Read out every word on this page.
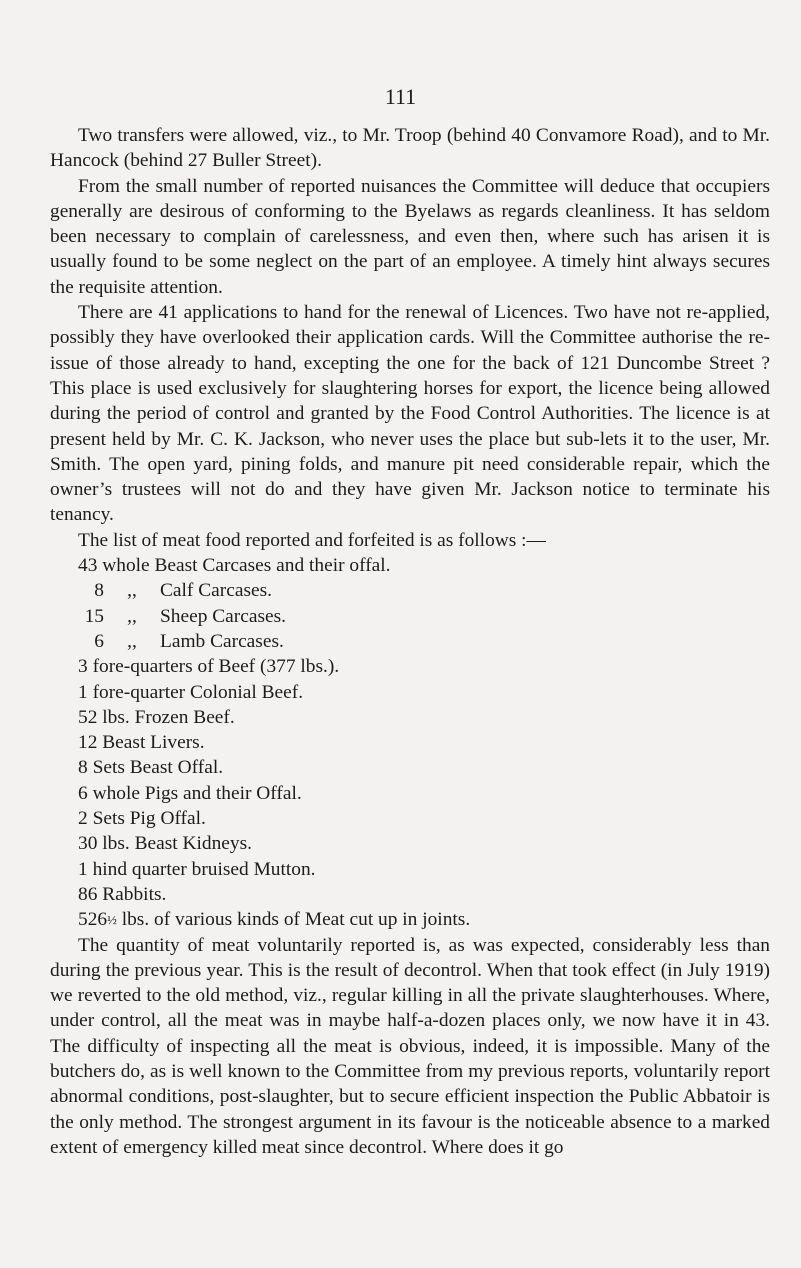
111

Two transfers were allowed, viz., to Mr. Troop (behind 40 Convamore Road), and to Mr. Hancock (behind 27 Buller Street).

From the small number of reported nuisances the Committee will deduce that occupiers generally are desirous of conforming to the Byelaws as regards cleanliness. It has seldom been necessary to complain of carelessness, and even then, where such has arisen it is usually found to be some neglect on the part of an employee. A timely hint always secures the requisite attention.

There are 41 applications to hand for the renewal of Licences. Two have not re-applied, possibly they have overlooked their application cards. Will the Committee authorise the re-issue of those already to hand, excepting the one for the back of 121 Duncombe Street ? This place is used exclusively for slaughtering horses for export, the licence being allowed during the period of control and granted by the Food Control Authorities. The licence is at present held by Mr. C. K. Jackson, who never uses the place but sub-lets it to the user, Mr. Smith. The open yard, pining folds, and manure pit need considerable repair, which the owner’s trustees will not do and they have given Mr. Jackson notice to terminate his tenancy.

The list of meat food reported and forfeited is as follows :—

43 whole Beast Carcases and their offal.
8 ,, Calf Carcases.
15 ,, Sheep Carcases.
6 ,, Lamb Carcases.
3 fore-quarters of Beef (377 lbs.).
1 fore-quarter Colonial Beef.
52 lbs. Frozen Beef.
12 Beast Livers.
8 Sets Beast Offal.
6 whole Pigs and their Offal.
2 Sets Pig Offal.
30 lbs. Beast Kidneys.
1 hind quarter bruised Mutton.
86 Rabbits.
526½ lbs. of various kinds of Meat cut up in joints.

The quantity of meat voluntarily reported is, as was expected, considerably less than during the previous year. This is the result of decontrol. When that took effect (in July 1919) we reverted to the old method, viz., regular killing in all the private slaughterhouses. Where, under control, all the meat was in maybe half-a-dozen places only, we now have it in 43. The difficulty of inspecting all the meat is obvious, indeed, it is impossible. Many of the butchers do, as is well known to the Committee from my previous reports, voluntarily report abnormal conditions, post-slaughter, but to secure efficient inspection the Public Abbatoir is the only method. The strongest argument in its favour is the noticeable absence to a marked extent of emergency killed meat since decontrol. Where does it go
